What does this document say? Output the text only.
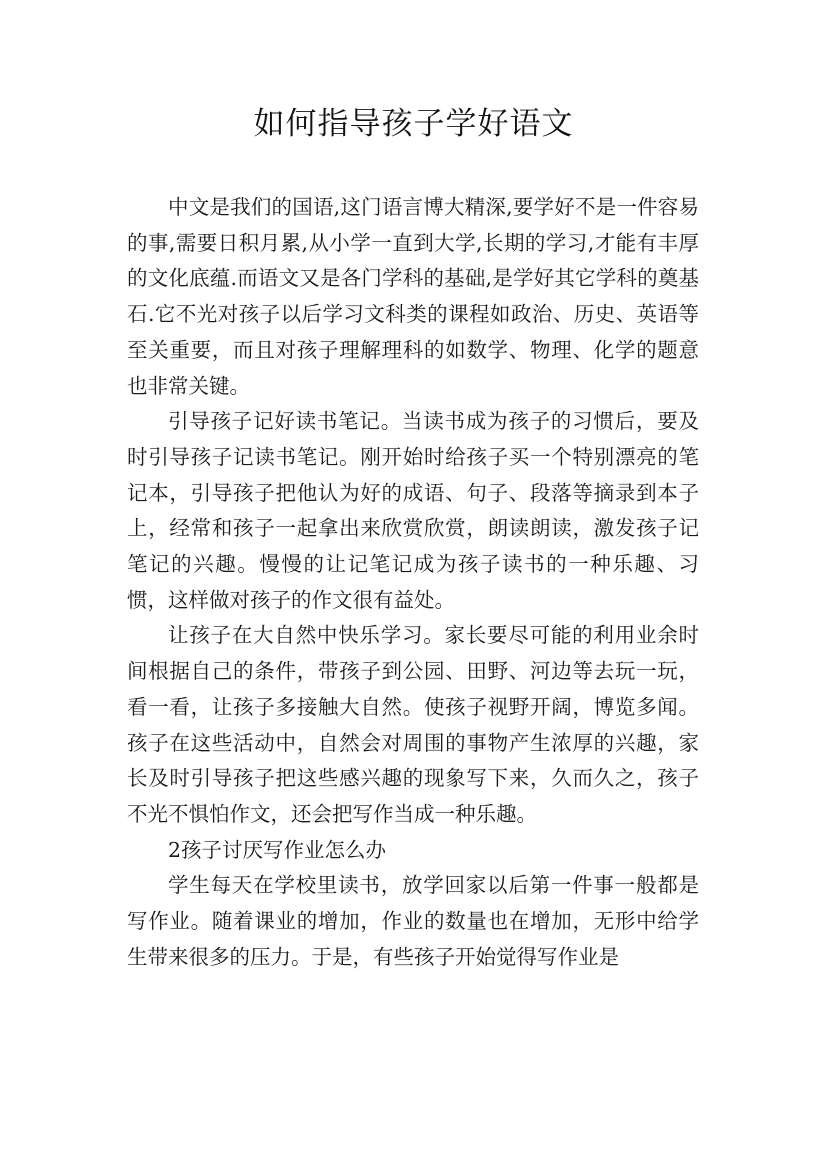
如何指导孩子学好语文

中文是我们的国语,这门语言博大精深,要学好不是一件容易的事,需要日积月累,从小学一直到大学,长期的学习,才能有丰厚的文化底蕴.而语文又是各门学科的基础,是学好其它学科的奠基石.它不光对孩子以后学习文科类的课程如政治、历史、英语等至关重要，而且对孩子理解理科的如数学、物理、化学的题意也非常关键。

引导孩子记好读书笔记。当读书成为孩子的习惯后，要及时引导孩子记读书笔记。刚开始时给孩子买一个特别漂亮的笔记本，引导孩子把他认为好的成语、句子、段落等摘录到本子上，经常和孩子一起拿出来欣赏欣赏，朗读朗读，激发孩子记笔记的兴趣。慢慢的让记笔记成为孩子读书的一种乐趣、习惯，这样做对孩子的作文很有益处。

让孩子在大自然中快乐学习。家长要尽可能的利用业余时间根据自己的条件，带孩子到公园、田野、河边等去玩一玩，看一看，让孩子多接触大自然。使孩子视野开阔，博览多闻。孩子在这些活动中，自然会对周围的事物产生浓厚的兴趣，家长及时引导孩子把这些感兴趣的现象写下来，久而久之，孩子不光不惧怕作文，还会把写作当成一种乐趣。

2孩子讨厌写作业怎么办

学生每天在学校里读书，放学回家以后第一件事一般都是写作业。随着课业的增加，作业的数量也在增加，无形中给学生带来很多的压力。于是，有些孩子开始觉得写作业是
